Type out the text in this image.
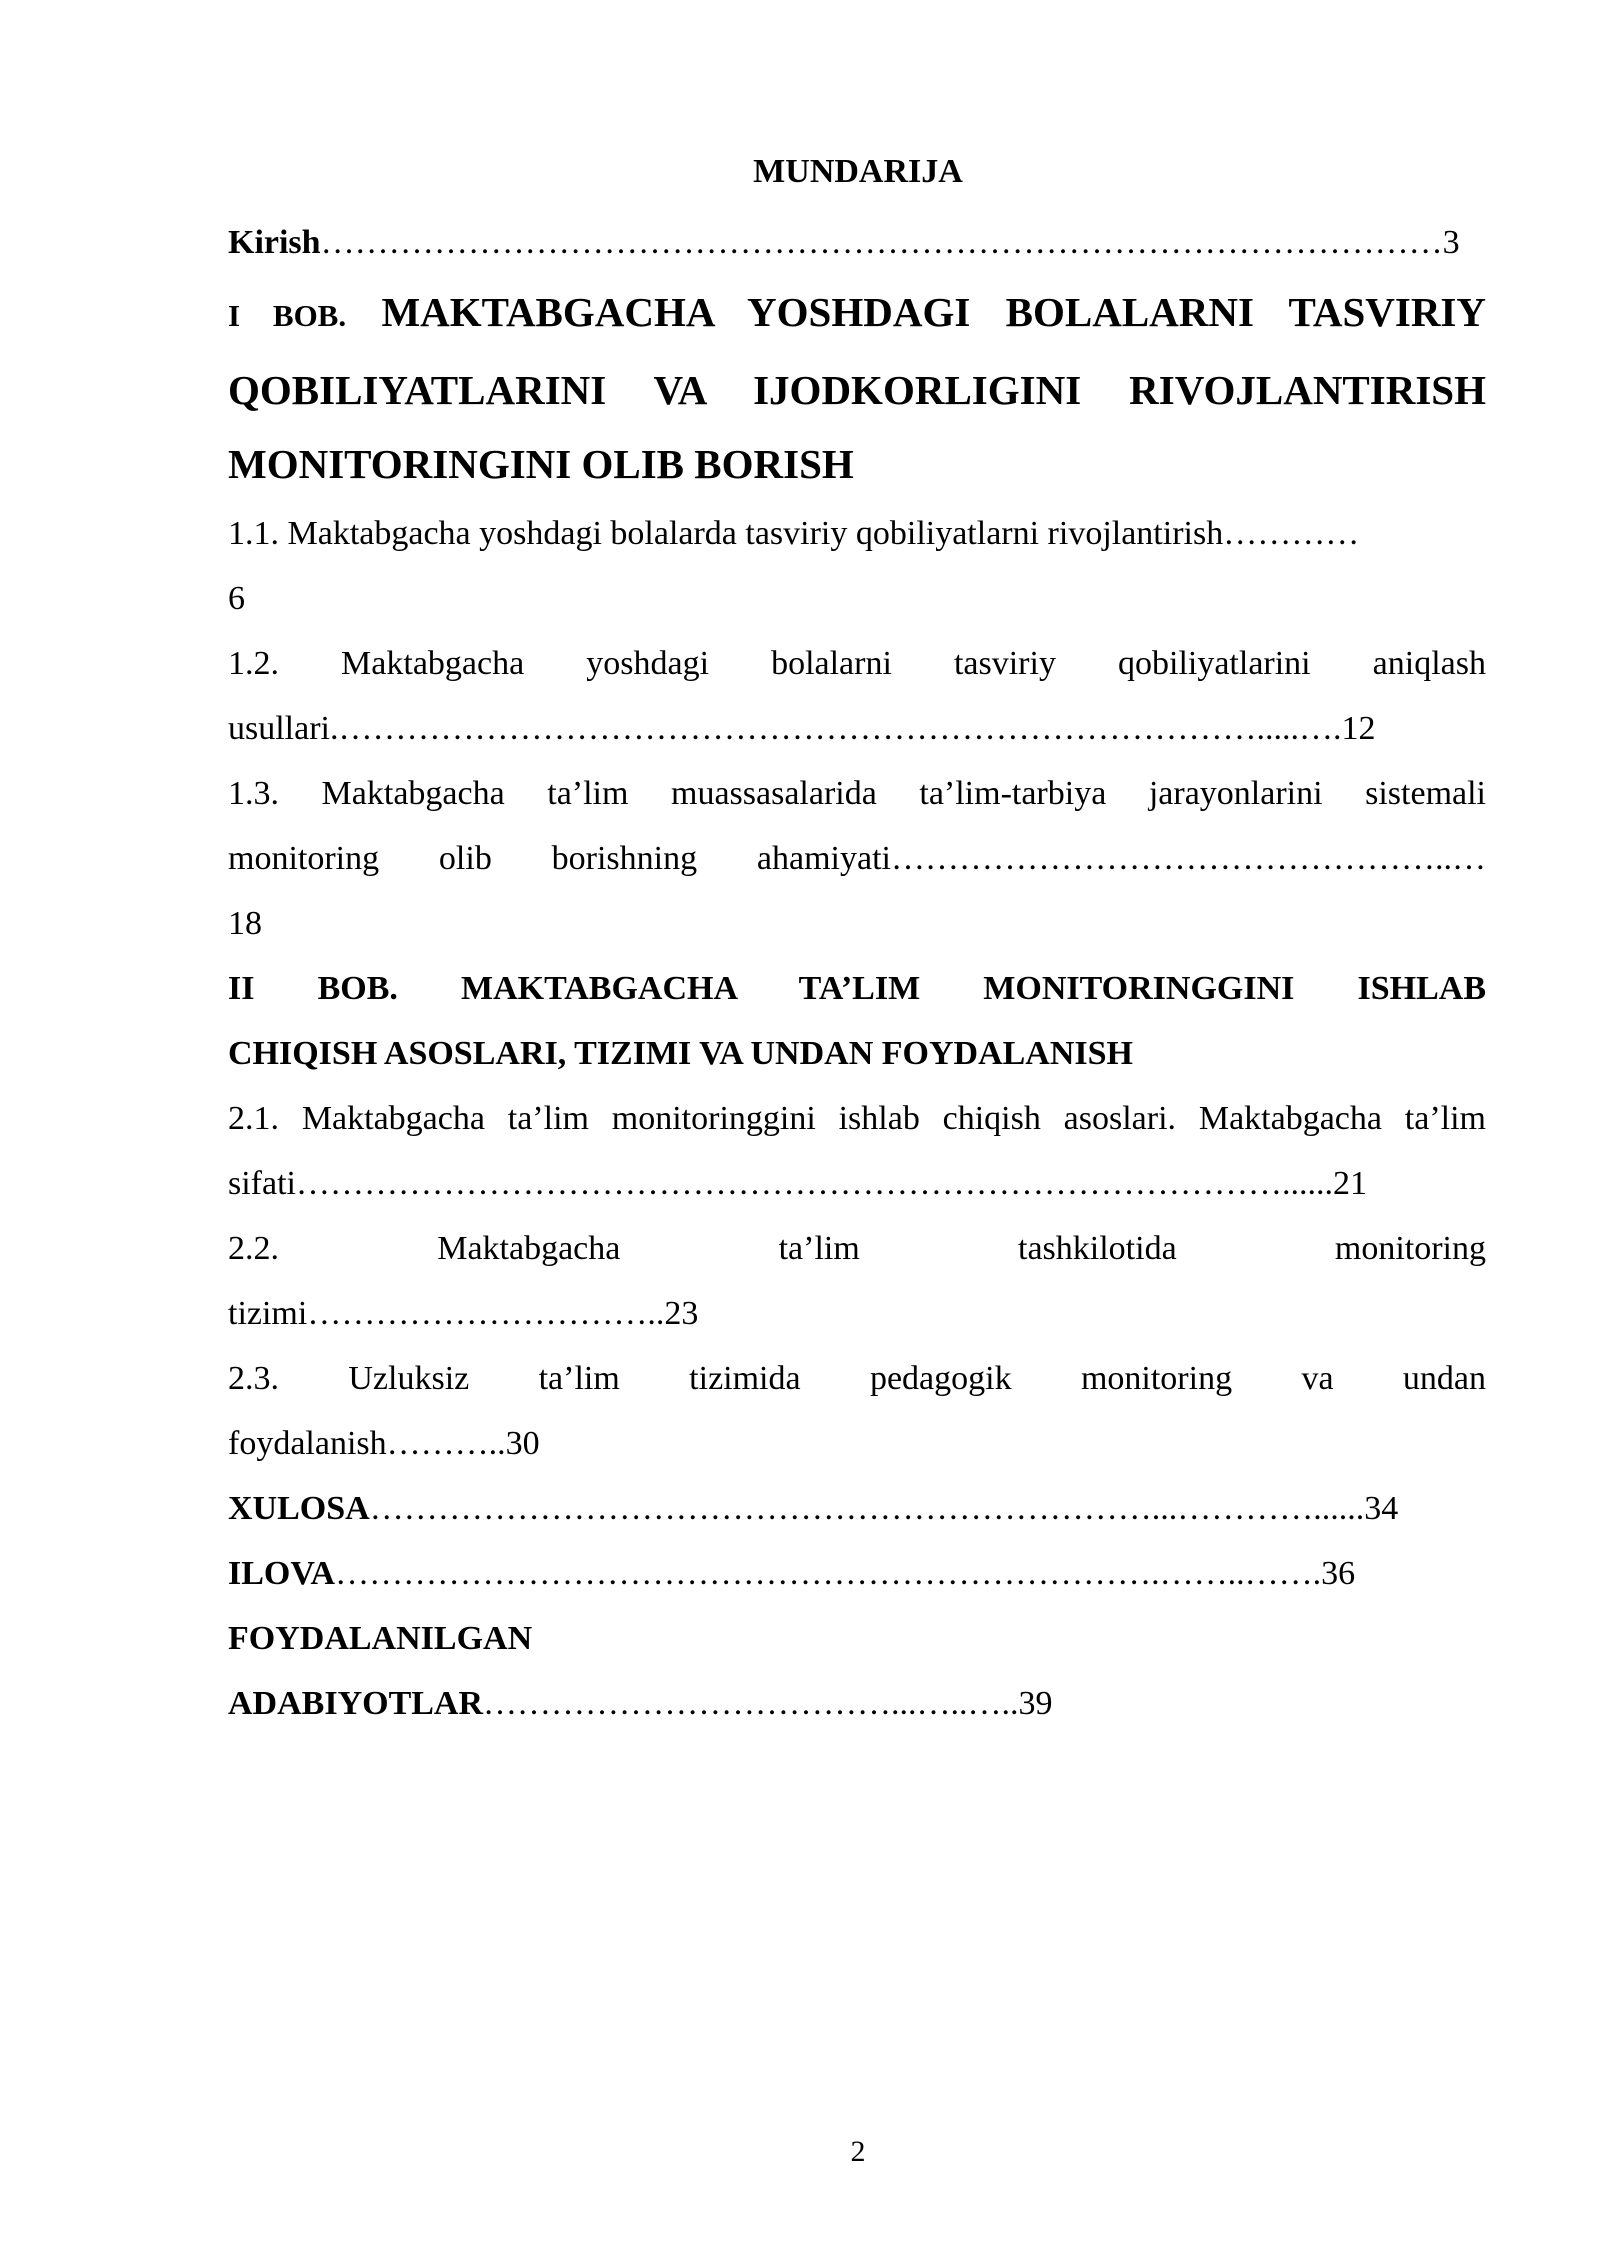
MUNDARIJA

Kirish………………………………………………………………………………………3

I BOB. MAKTABGACHA YOSHDAGI BOLALARNI TASVIRIY

QOBILIYATLARINI VA IJODKORLIGINI RIVOJLANTIRISH

MONITORINGINI OLIB BORISH

1.1. Maktabgacha yoshdagi bolalarda tasviriy qobiliyatlarni rivojlantirish…………

6

1.2. Maktabgacha yoshdagi bolalarni tasviriy qobiliyatlarini aniqlash

usullari.……………………………………………………………………….....….12

1.3. Maktabgacha ta’lim muassasalarida ta’lim-tarbiya jarayonlarini sistemali

monitoring olib borishning ahamiyati…………………………………………..…

18

II BOB. MAKTABGACHA TA’LIM MONITORINGGINI ISHLAB

CHIQISH ASOSLARI, TIZIMI VA UNDAN FOYDALANISH

2.1. Maktabgacha ta’lim monitoringgini ishlab chiqish asoslari. Maktabgacha ta’lim

sifati……………………………………………………………………………......21

2.2. Maktabgacha ta’lim tashkilotida monitoring

tizimi…………………………..23

2.3. Uzluksiz ta’lim tizimida pedagogik monitoring va undan

foydalanish………..30

XULOSA……………………………………………………………...…………......34

ILOVA……………………………………………………………….……..…….36

FOYDALANILGAN

ADABIYOTLAR………………………………...…..…..39

2
